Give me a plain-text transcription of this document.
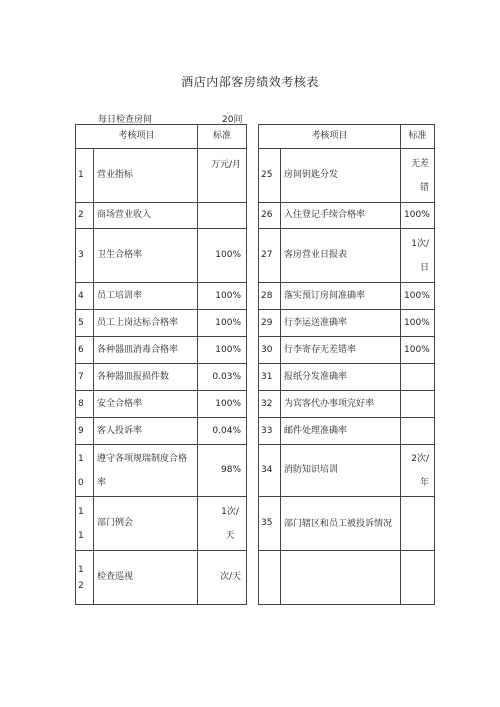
酒店内部客房绩效考核表
每日检查房间	20间
考核项目		标准
1	营业指标	万元/月

2	商场营业收入	
3	卫生合格率	100%
4	员工培训率	100%
5	员工上岗达标合格率	100%
6	各种器皿消毒合格率	100%
7	各种器皿报损件数	0.03%
8	安全合格率	100%
9	客人投诉率	0.04%

10	遵守各项规瑞制度合格率	98%

11	部门例会	1次/天

12	检查巡视	次/天
考核项目		标准
25	房间钥匙分发	无差错

26	入住登记手续合格率	100%
27	客房营业日报表	1次/日

28	落实预订房间准确率	100%
29	行李运送准确率	100%
30	行李寄存无差错率	100%
31	报纸分发准确率	
32	为宾客代办事项完好率	
33	邮件处理准确率	
34	消防知识培训	2次/年

35	部门辖区和员工被投诉情况	
